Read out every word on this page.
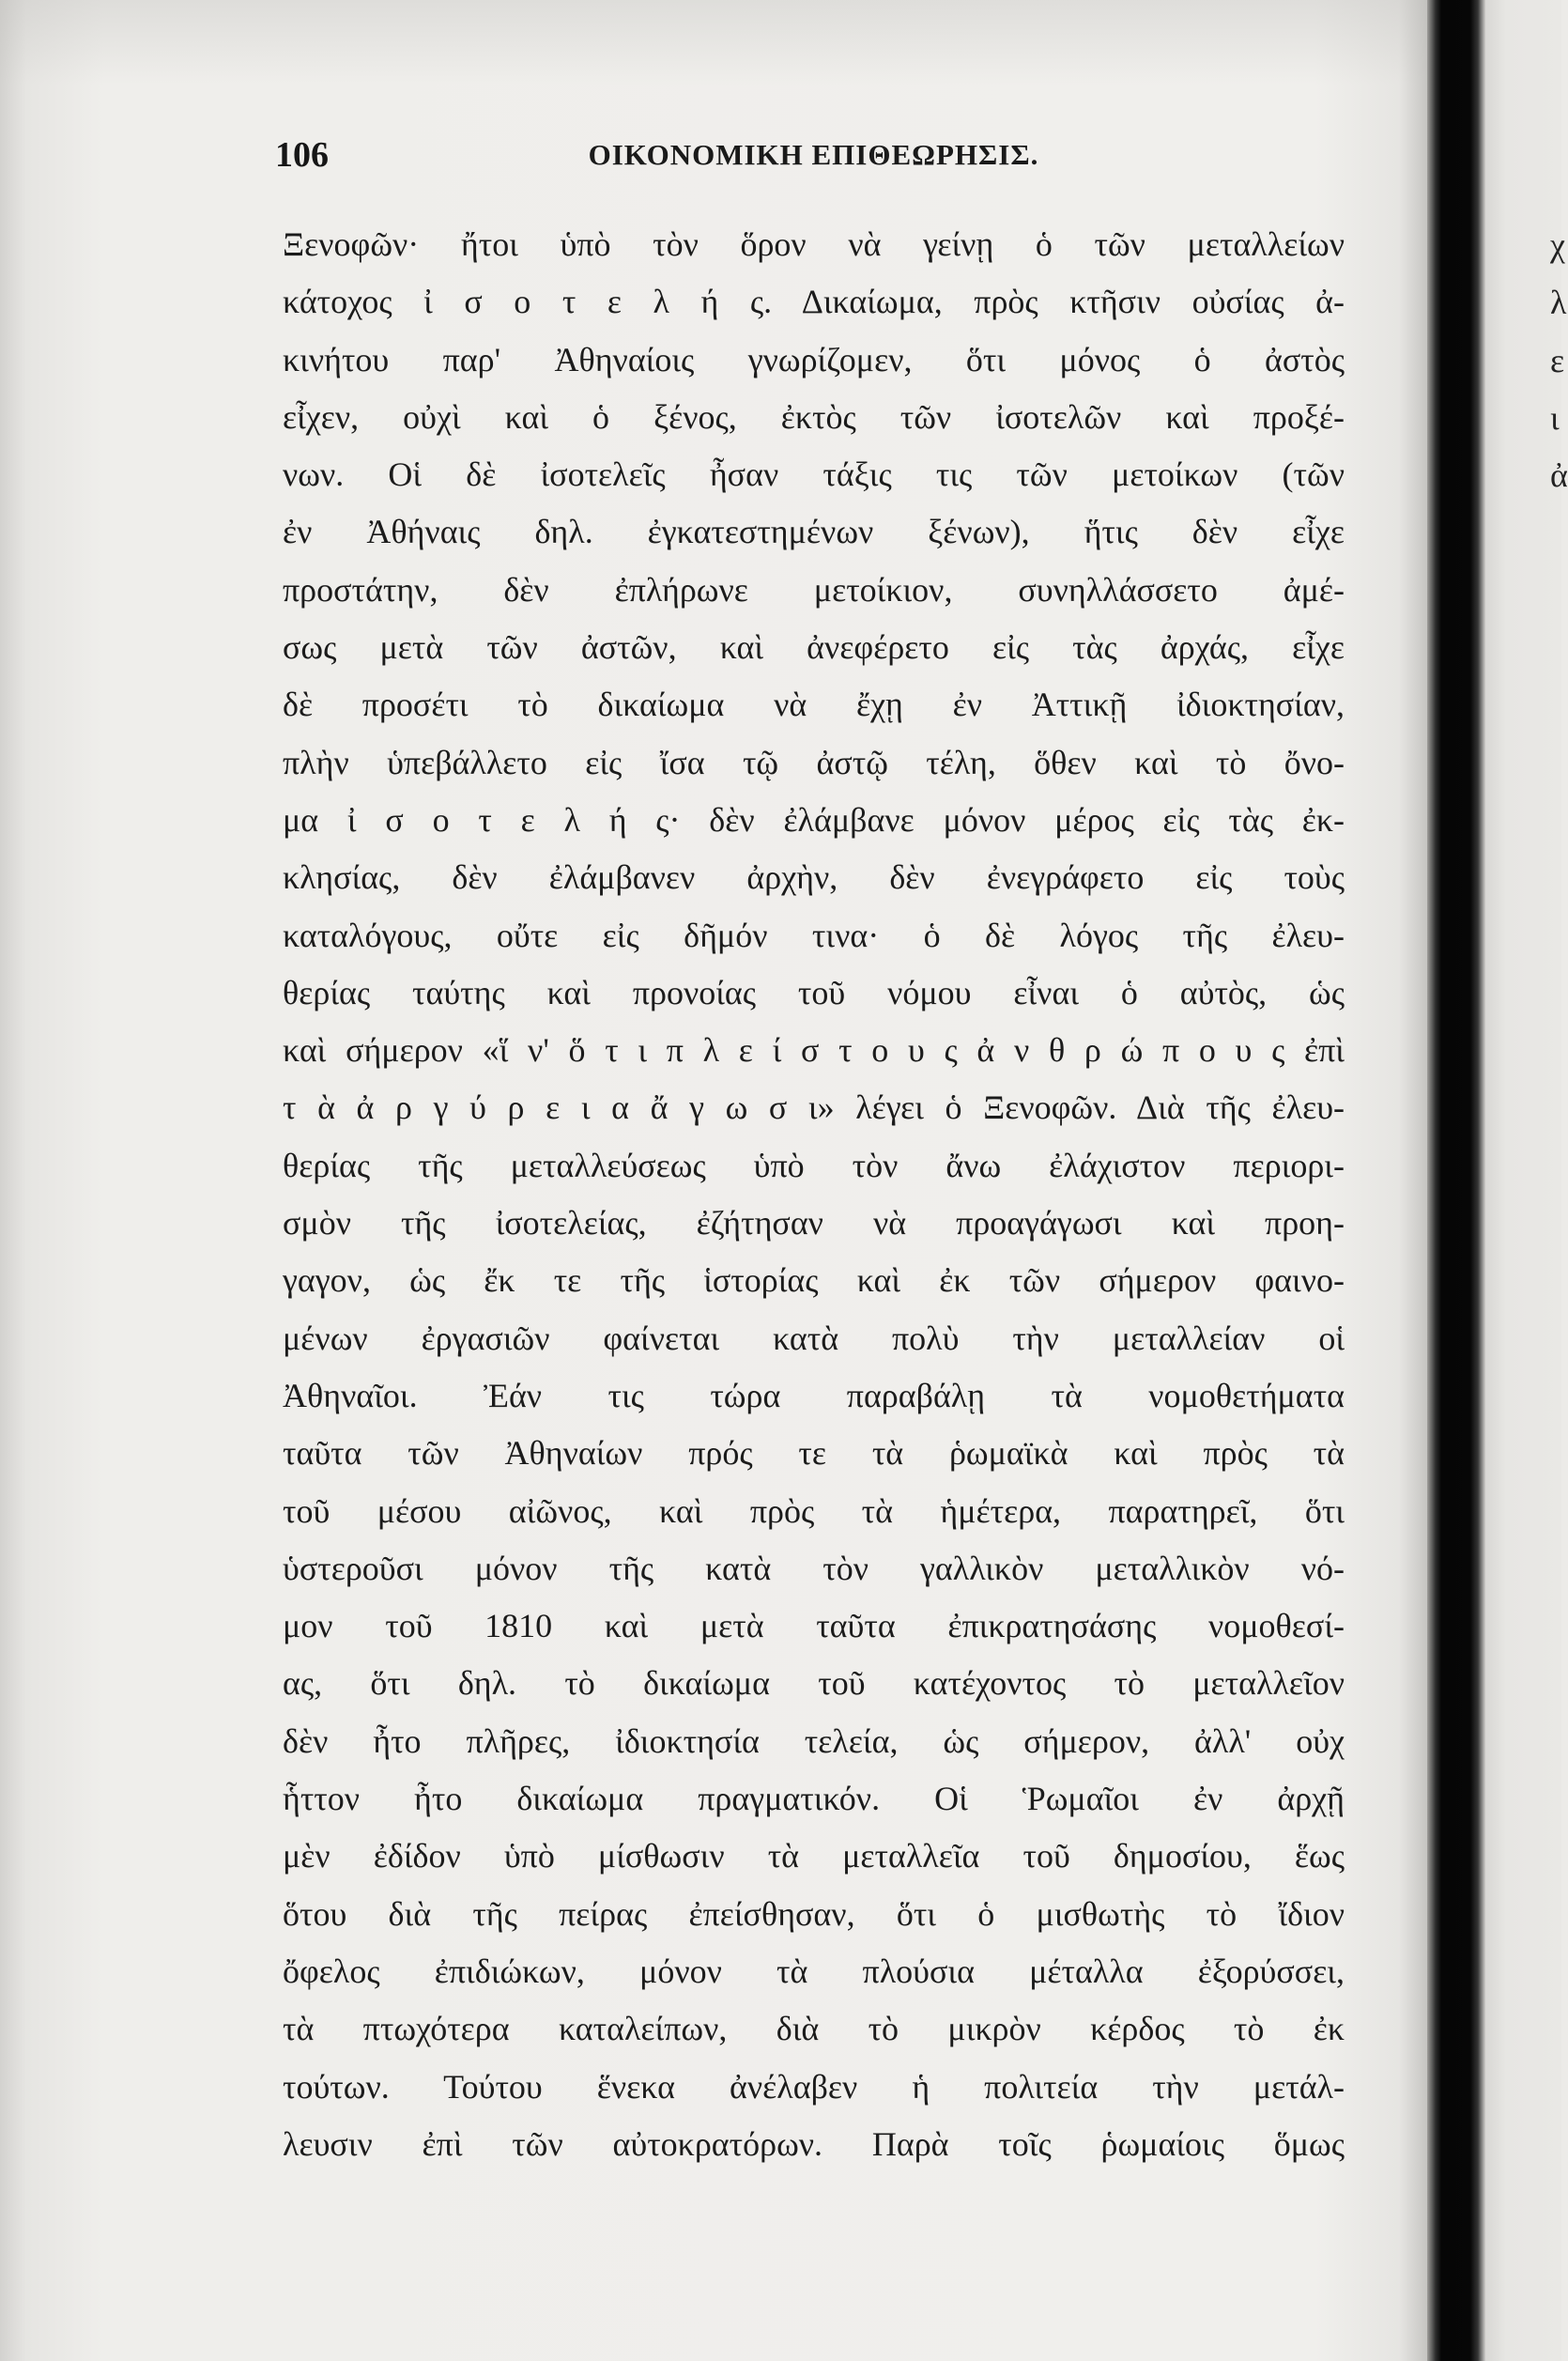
χ
λ
ε
ι
ἀ
106	ΟΙΚΟΝΟΜΙΚΗ ΕΠΙΘΕΩΡΗΣΙΣ.
Ξενοφῶν· ἤτοι ὑπὸ τὸν ὅρον νὰ γείνῃ ὁ τῶν μεταλλείων
κάτοχος ἰ σ ο τ ε λ ή ς. Δικαίωμα, πρὸς κτῆσιν οὐσίας ἀ-
κινήτου παρ' Ἀθηναίοις γνωρίζομεν, ὅτι μόνος ὁ ἀστὸς
εἶχεν, οὐχὶ καὶ ὁ ξένος, ἐκτὸς τῶν ἰσοτελῶν καὶ προξέ-
νων. Οἱ δὲ ἰσοτελεῖς ἦσαν τάξις τις τῶν μετοίκων (τῶν
ἐν Ἀθήναις δηλ. ἐγκατεστημένων ξένων), ἥτις δὲν εἶχε
προστάτην, δὲν ἐπλήρωνε μετοίκιον, συνηλλάσσετο ἀμέ-
σως μετὰ τῶν ἀστῶν, καὶ ἀνεφέρετο εἰς τὰς ἀρχάς, εἶχε
δὲ προσέτι τὸ δικαίωμα νὰ ἔχῃ ἐν Ἀττικῇ ἰδιοκτησίαν,
πλὴν ὑπεβάλλετο εἰς ἴσα τῷ ἀστῷ τέλη, ὅθεν καὶ τὸ ὄνο-
μα ἰ σ ο τ ε λ ή ς· δὲν ἐλάμβανε μόνον μέρος εἰς τὰς ἐκ-
κλησίας, δὲν ἐλάμβανεν ἀρχὴν, δὲν ἐνεγράφετο εἰς τοὺς
καταλόγους, οὔτε εἰς δῆμόν τινα· ὁ δὲ λόγος τῆς ἐλευ-
θερίας ταύτης καὶ προνοίας τοῦ νόμου εἶναι ὁ αὐτὸς, ὡς
καὶ σήμερον «ἵ ν' ὅ τ ι π λ ε ί σ τ ο υ ς ἀ ν θ ρ ώ π ο υ ς ἐπὶ
τ ὰ ἀ ρ γ ύ ρ ε ι α ἄ γ ω σ ι» λέγει ὁ Ξενοφῶν. Διὰ τῆς ἐλευ-
θερίας τῆς μεταλλεύσεως ὑπὸ τὸν ἄνω ἐλάχιστον περιορι-
σμὸν τῆς ἰσοτελείας, ἐζήτησαν νὰ προαγάγωσι καὶ προη-
γαγον, ὡς ἔκ τε τῆς ἱστορίας καὶ ἐκ τῶν σήμερον φαινο-
μένων ἐργασιῶν φαίνεται κατὰ πολὺ τὴν μεταλλείαν οἱ
Ἀθηναῖοι. Ἐάν τις τώρα παραβάλῃ τὰ νομοθετήματα
ταῦτα τῶν Ἀθηναίων πρός τε τὰ ῥωμαϊκὰ καὶ πρὸς τὰ
τοῦ μέσου αἰῶνος, καὶ πρὸς τὰ ἡμέτερα, παρατηρεῖ, ὅτι
ὑστεροῦσι μόνον τῆς κατὰ τὸν γαλλικὸν μεταλλικὸν νό-
μον τοῦ 1810 καὶ μετὰ ταῦτα ἐπικρατησάσης νομοθεσί-
ας, ὅτι δηλ. τὸ δικαίωμα τοῦ κατέχοντος τὸ μεταλλεῖον
δὲν ἦτο πλῆρες, ἰδιοκτησία τελεία, ὡς σήμερον, ἀλλ' οὐχ
ἧττον ἦτο δικαίωμα πραγματικόν. Οἱ Ῥωμαῖοι ἐν ἀρχῇ
μὲν ἐδίδον ὑπὸ μίσθωσιν τὰ μεταλλεῖα τοῦ δημοσίου, ἕως
ὅτου διὰ τῆς πείρας ἐπείσθησαν, ὅτι ὁ μισθωτὴς τὸ ἴδιον
ὄφελος ἐπιδιώκων, μόνον τὰ πλούσια μέταλλα ἐξορύσσει,
τὰ πτωχότερα καταλείπων, διὰ τὸ μικρὸν κέρδος τὸ ἐκ
τούτων. Τούτου ἕνεκα ἀνέλαβεν ἡ πολιτεία τὴν μετάλ-
λευσιν ἐπὶ τῶν αὐτοκρατόρων. Παρὰ τοῖς ῥωμαίοις ὅμως
